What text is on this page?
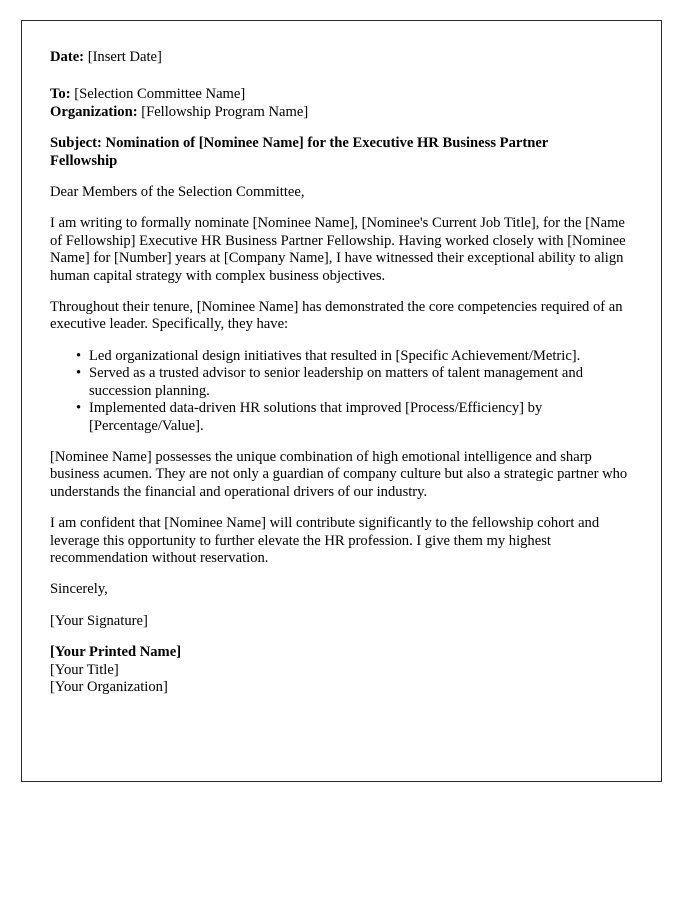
Date: [Insert Date]
To: [Selection Committee Name]
Organization: [Fellowship Program Name]
Subject: Nomination of [Nominee Name] for the Executive HR Business Partner Fellowship
Dear Members of the Selection Committee,
I am writing to formally nominate [Nominee Name], [Nominee's Current Job Title], for the [Name of Fellowship] Executive HR Business Partner Fellowship. Having worked closely with [Nominee Name] for [Number] years at [Company Name], I have witnessed their exceptional ability to align human capital strategy with complex business objectives.
Throughout their tenure, [Nominee Name] has demonstrated the core competencies required of an executive leader. Specifically, they have:
• Led organizational design initiatives that resulted in [Specific Achievement/Metric].
• Served as a trusted advisor to senior leadership on matters of talent management and succession planning.
• Implemented data-driven HR solutions that improved [Process/Efficiency] by [Percentage/Value].
[Nominee Name] possesses the unique combination of high emotional intelligence and sharp business acumen. They are not only a guardian of company culture but also a strategic partner who understands the financial and operational drivers of our industry.
I am confident that [Nominee Name] will contribute significantly to the fellowship cohort and leverage this opportunity to further elevate the HR profession. I give them my highest recommendation without reservation.
Sincerely,
[Your Signature]
[Your Printed Name]
[Your Title]
[Your Organization]
